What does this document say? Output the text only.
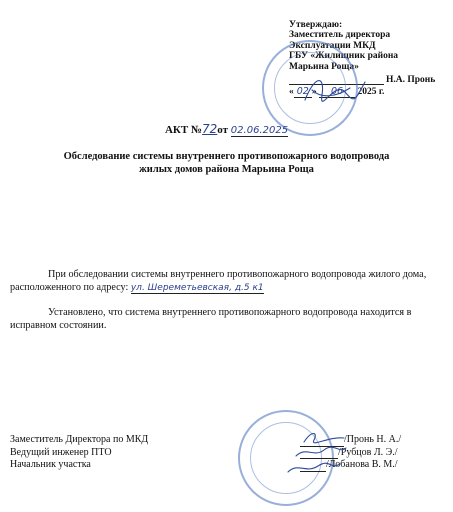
Утверждаю:
Заместитель директора
Эксплуатации МКД
ГБУ «Жилищник района
Марьина Роща»
Н.А. Пронь
« 02 » 06 2025 г.
АКТ №72от 02.06.2025
Обследование системы внутреннего противопожарного водопровода
жилых домов района Марьина Роща
При обследовании системы внутреннего противопожарного водопровода жилого дома, расположенного по адресу: ул. Шереметьевская, д.5 к1
Установлено, что система внутреннего противопожарного водопровода находится в исправном состоянии.
Заместитель Директора по МКД
Ведущий инженер ПТО
Начальник участка
/Пронь Н. А./
/Рубцов Л. Э./
/Лобанова В. М./
